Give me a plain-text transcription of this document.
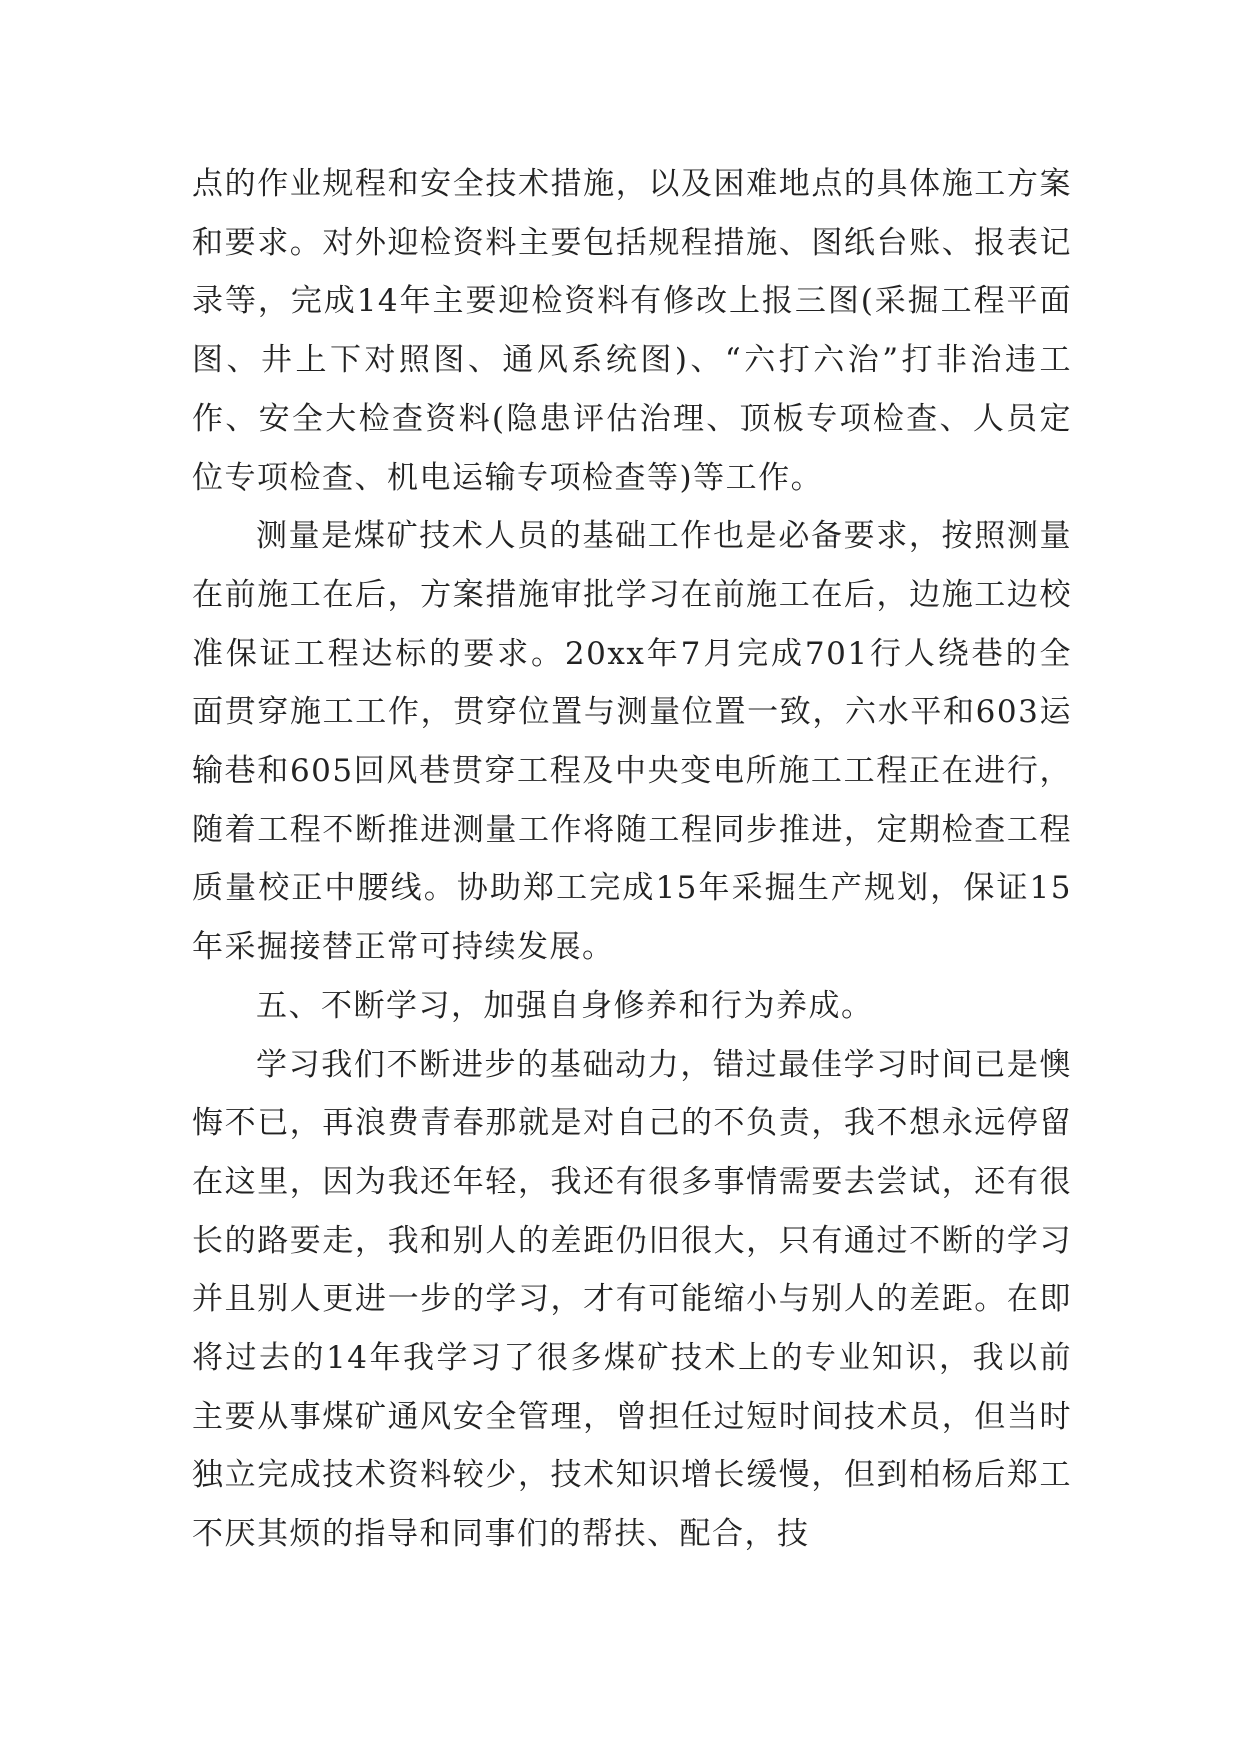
点的作业规程和安全技术措施，以及困难地点的具体施工方案和要求。对外迎检资料主要包括规程措施、图纸台账、报表记录等，完成14年主要迎检资料有修改上报三图(采掘工程平面图、井上下对照图、通风系统图)、“六打六治”打非治违工作、安全大检查资料(隐患评估治理、顶板专项检查、人员定位专项检查、机电运输专项检查等)等工作。

测量是煤矿技术人员的基础工作也是必备要求，按照测量在前施工在后，方案措施审批学习在前施工在后，边施工边校准保证工程达标的要求。20xx年7月完成701行人绕巷的全面贯穿施工工作，贯穿位置与测量位置一致，六水平和603运输巷和605回风巷贯穿工程及中央变电所施工工程正在进行，随着工程不断推进测量工作将随工程同步推进，定期检查工程质量校正中腰线。协助郑工完成15年采掘生产规划，保证15年采掘接替正常可持续发展。

五、不断学习，加强自身修养和行为养成。

学习我们不断进步的基础动力，错过最佳学习时间已是懊悔不已，再浪费青春那就是对自己的不负责，我不想永远停留在这里，因为我还年轻，我还有很多事情需要去尝试，还有很长的路要走，我和别人的差距仍旧很大，只有通过不断的学习并且别人更进一步的学习，才有可能缩小与别人的差距。在即将过去的14年我学习了很多煤矿技术上的专业知识，我以前主要从事煤矿通风安全管理，曾担任过短时间技术员，但当时独立完成技术资料较少，技术知识增长缓慢，但到柏杨后郑工不厌其烦的指导和同事们的帮扶、配合，技
